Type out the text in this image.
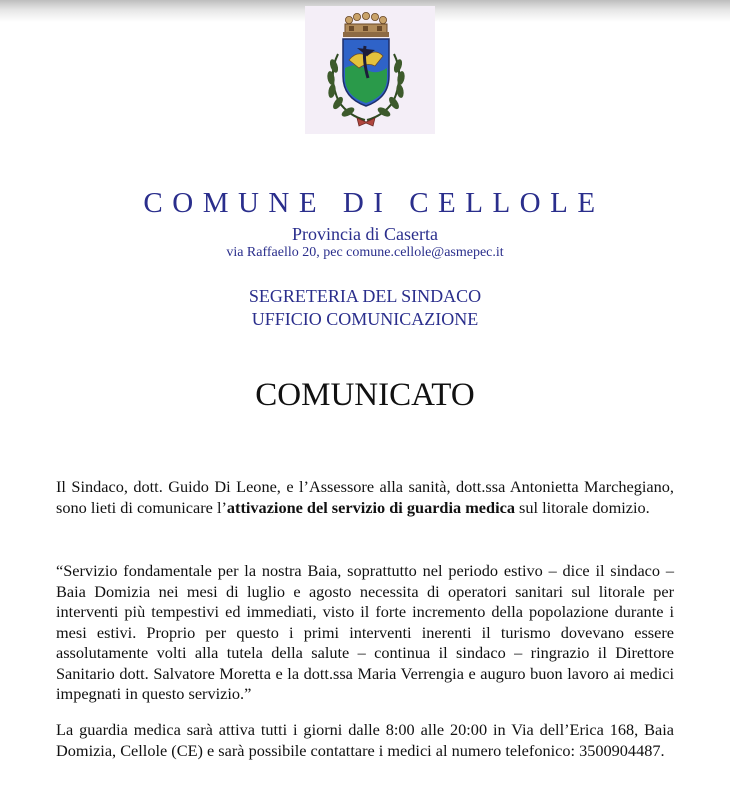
COMUNE DI CELLOLE
Provincia di Caserta
via Raffaello 20, pec comune.cellole@asmepec.it
SEGRETERIA DEL SINDACO
UFFICIO COMUNICAZIONE
COMUNICATO
Il Sindaco, dott. Guido Di Leone, e l’Assessore alla sanità, dott.ssa Antonietta Marchegiano, sono lieti di comunicare l’attivazione del servizio di guardia medica sul litorale domizio.
“Servizio fondamentale per la nostra Baia, soprattutto nel periodo estivo – dice il sindaco – Baia Domizia nei mesi di luglio e agosto necessita di operatori sanitari sul litorale per interventi più tempestivi ed immediati, visto il forte incremento della popolazione durante i mesi estivi. Proprio per questo i primi interventi inerenti il turismo dovevano essere assolutamente volti alla tutela della salute – continua il sindaco – ringrazio il Direttore Sanitario dott. Salvatore Moretta e la dott.ssa Maria Verrengia e auguro buon lavoro ai medici impegnati in questo servizio.”
La guardia medica sarà attiva tutti i giorni dalle 8:00 alle 20:00 in Via dell’Erica 168, Baia Domizia, Cellole (CE) e sarà possibile contattare i medici al numero telefonico: 3500904487.
